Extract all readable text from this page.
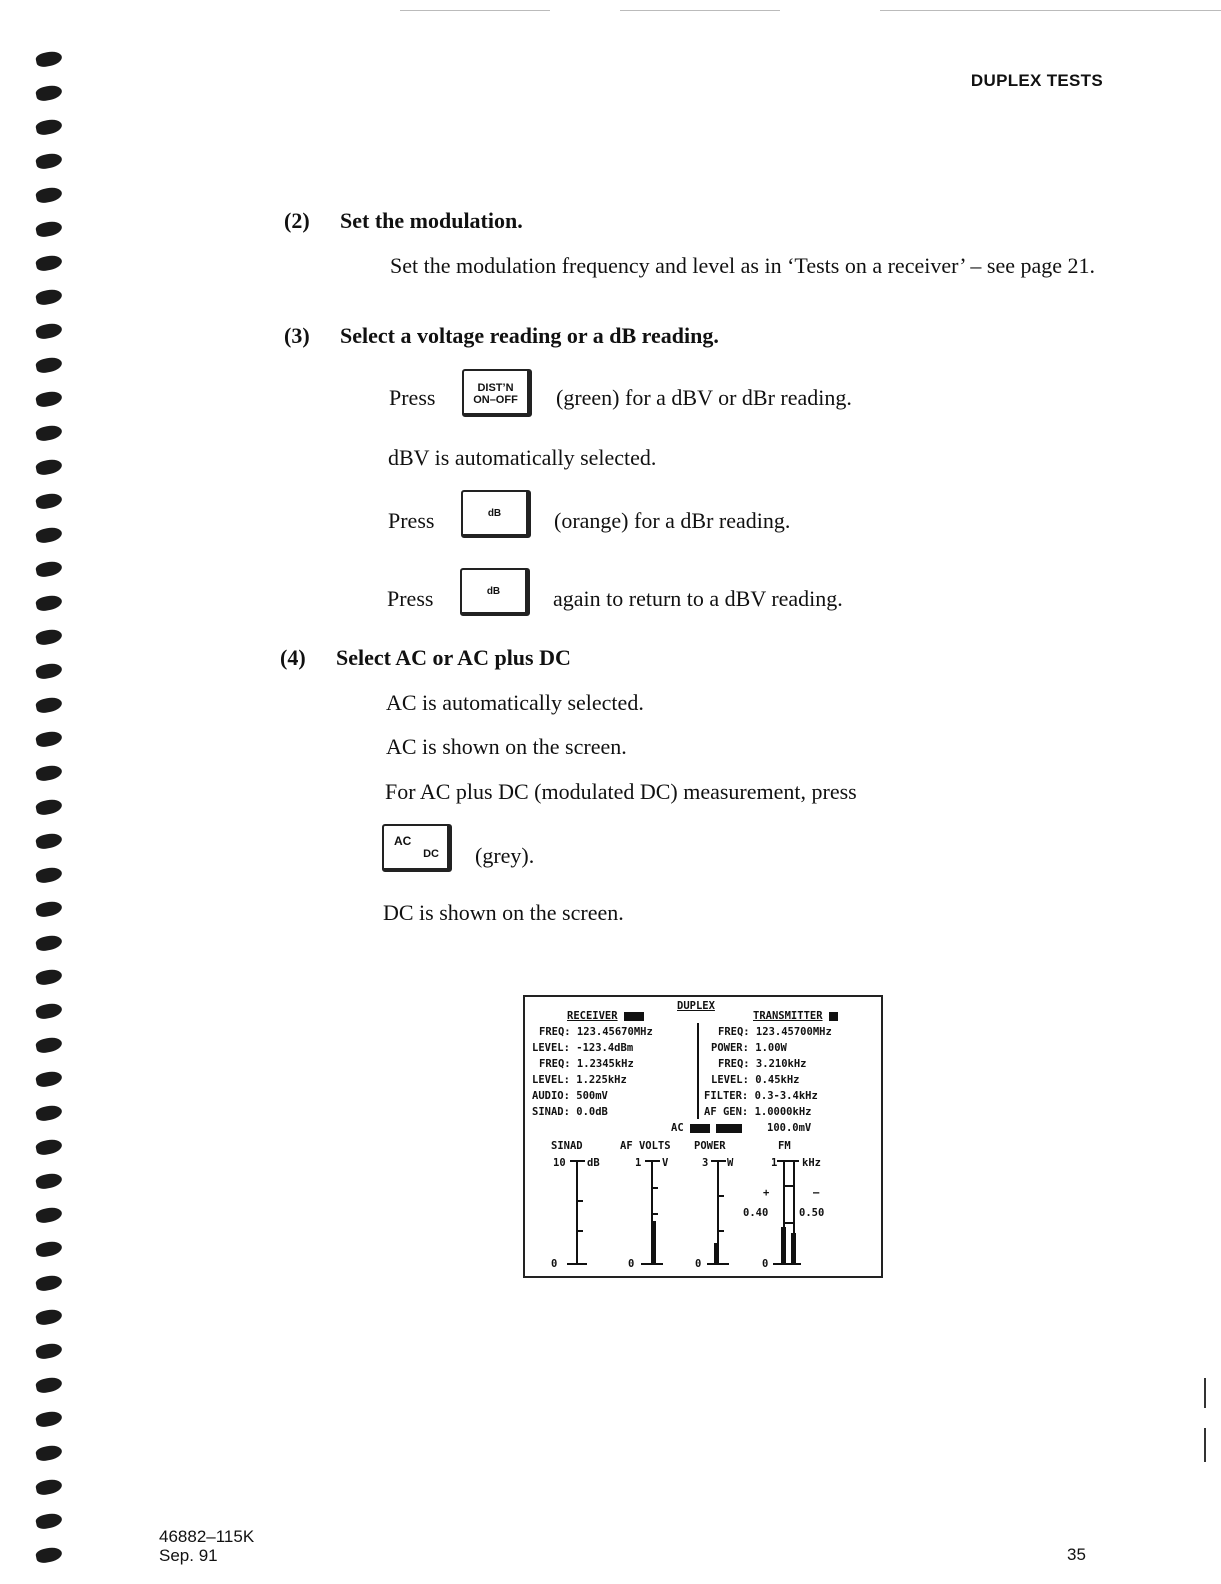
DUPLEX TESTS
(2) Set the modulation.
Set the modulation frequency and level as in ‘Tests on a receiver’ – see page 21.
(3) Select a voltage reading or a dB reading.
Press	DIST’N
ON–OFF	(green) for a dBV or dBr reading.
dBV is automatically selected.
Press	dB	(orange) for a dBr reading.
Press	dB	again to return to a dBV reading.
(4) Select AC or AC plus DC
AC is automatically selected.
AC is shown on the screen.
For AC plus DC (modulated DC) measurement, press
AC
DC (grey).
DC is shown on the screen.
DUPLEX
RECEIVER	TRANSMITTER
FREQ: 123.45670MHz
LEVEL: -123.4dBm
FREQ: 1.2345kHz
LEVEL: 1.225kHz
AUDIO: 500mV
SINAD: 0.0dB
FREQ: 123.45700MHz
POWER: 1.00W
FREQ: 3.210kHz
LEVEL: 0.45kHz
FILTER: 0.3-3.4kHz
AF GEN: 1.0000kHz
AC	100.0mV
SINAD	AF VOLTS POWER	FM
10 dB	1 V	3 W	1 kHz
0	0	0	0
+	–
0.40	0.50
46882–115K
Sep. 91	35
